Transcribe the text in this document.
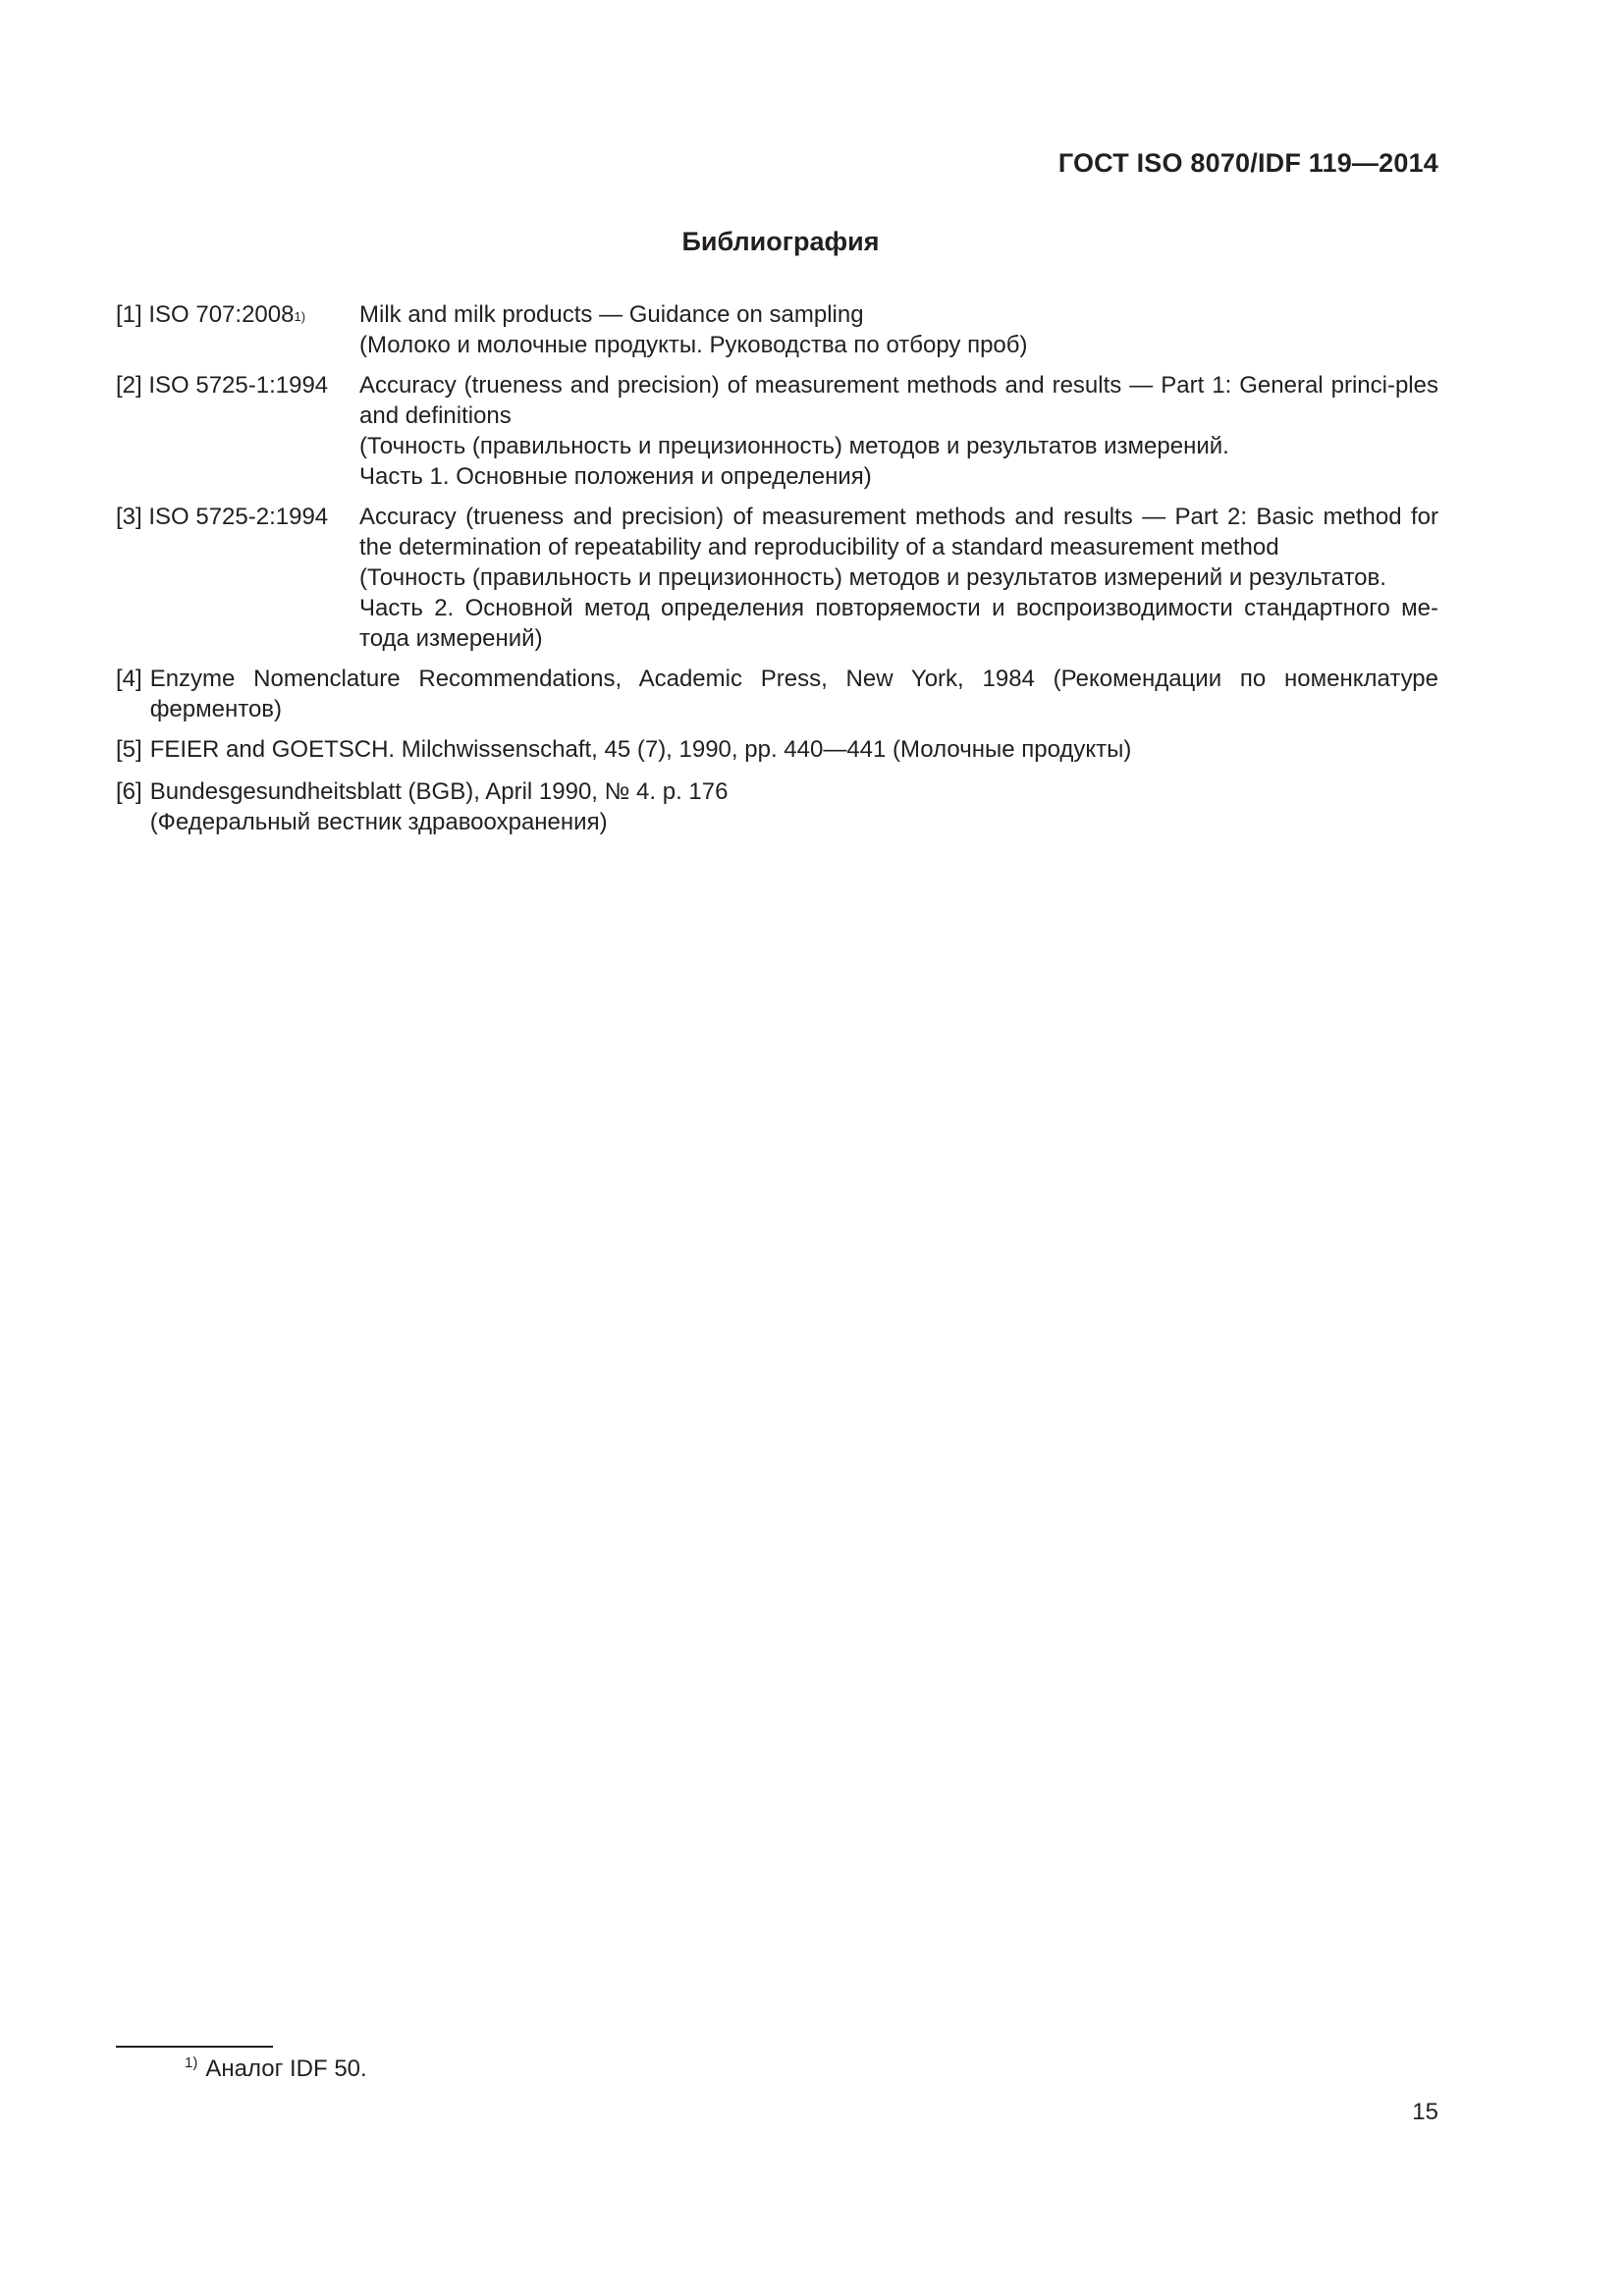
ГОСТ ISO 8070/IDF 119—2014
Библиография
[1] ISO 707:2008$^{1)}$	Milk and milk products — Guidance on sampling
(Молоко и молочные продукты. Руководства по отбору проб)
[2] ISO 5725-1:1994	Accuracy (trueness and precision) of measurement methods and results — Part 1: General princi-ples and definitions
(Точность (правильность и прецизионность) методов и результатов измерений.
Часть 1. Основные положения и определения)
[3] ISO 5725-2:1994	Accuracy (trueness and precision) of measurement methods and results — Part 2: Basic method for the determination of repeatability and reproducibility of a standard measurement method
(Точность (правильность и прецизионность) методов и результатов измерений и результатов.
Часть 2. Основной метод определения повторяемости и воспроизводимости стандартного ме-тода измерений)
[4] Enzyme Nomenclature Recommendations, Academic Press, New York, 1984 (Рекомендации по номенклатуре ферментов)
[5] FEIER and GOETSCH. Milchwissenschaft, 45 (7), 1990, pp. 440—441 (Молочные продукты)
[6] Bundesgesundheitsblatt (BGB), April 1990, № 4. p. 176
(Федеральный вестник здравоохранения)
$^{1)}$ Аналог IDF 50.
15
